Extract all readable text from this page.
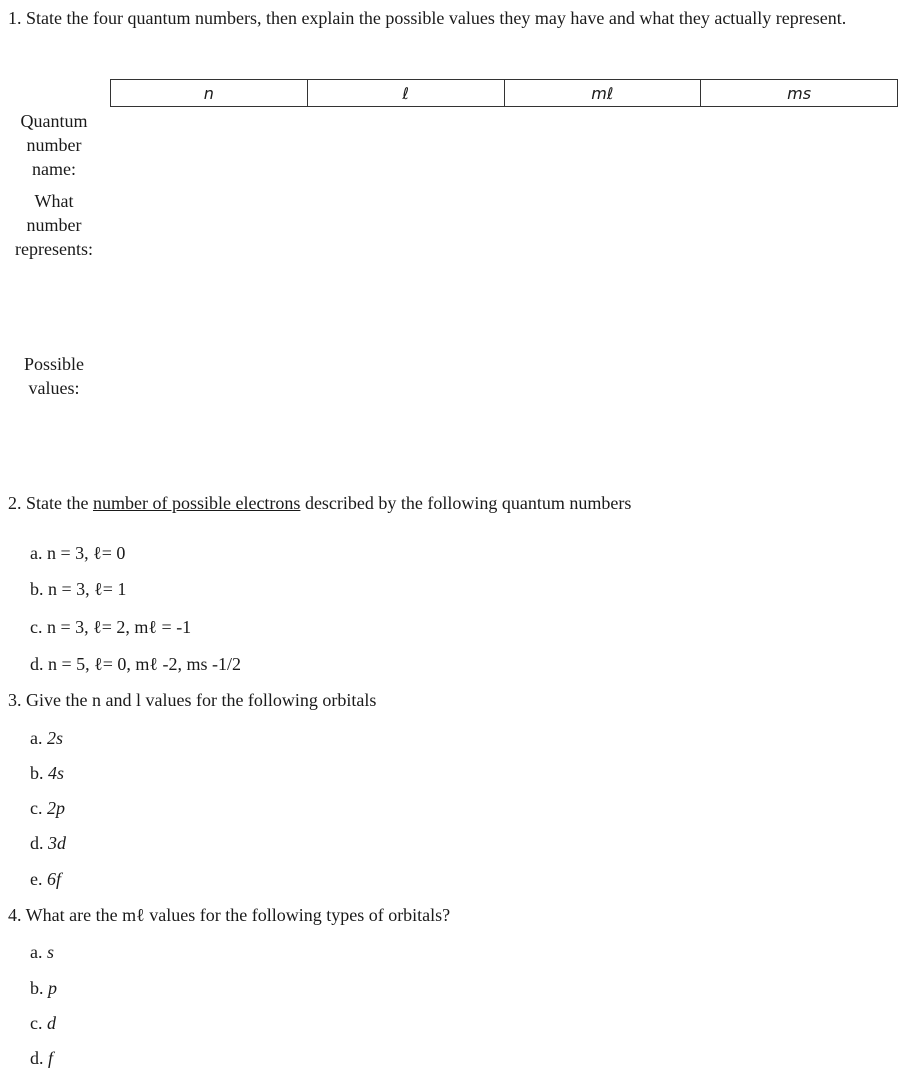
1. State the four quantum numbers, then explain the possible values they may have and what they actually represent.
n	ℓ	mℓ	ms
Quantum
number
name:
What
number
represents:
Possible
values:
2. State the number of possible electrons described by the following quantum numbers
a. n = 3, ℓ= 0
b. n = 3, ℓ= 1
c. n = 3, ℓ= 2, mℓ = -1
d. n = 5, ℓ= 0, mℓ -2, ms -1/2
3. Give the n and l values for the following orbitals
a. 2s
b. 4s
c. 2p
d. 3d
e. 6f
4. What are the mℓ values for the following types of orbitals?
a. s
b. p
c. d
d. f
